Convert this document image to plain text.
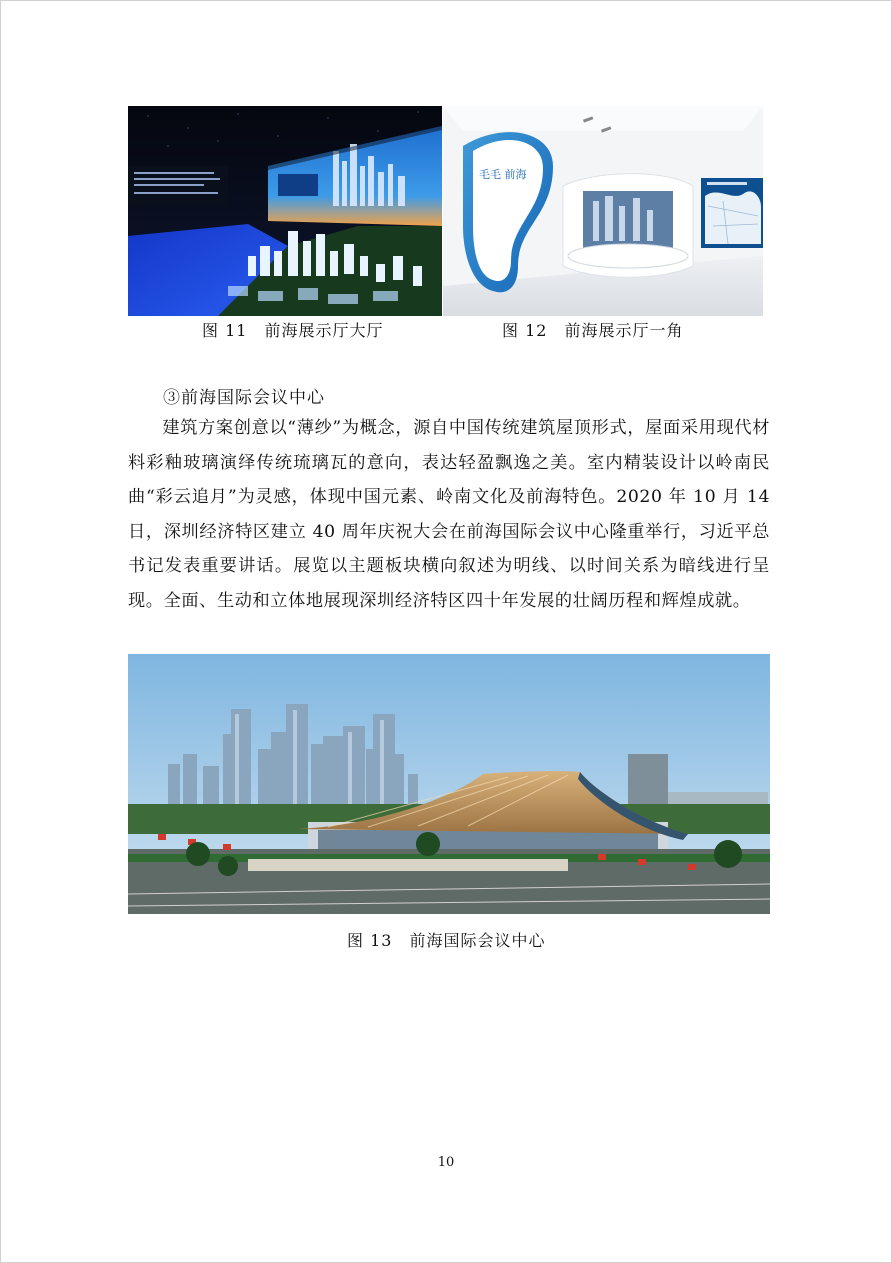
图 11　前海展示厅大厅
毛毛 前海
图 12　前海展示厅一角
③前海国际会议中心
建筑方案创意以“薄纱”为概念，源自中国传统建筑屋顶形式，屋面采用现代材料彩釉玻璃演绎传统琉璃瓦的意向，表达轻盈飘逸之美。室内精装设计以岭南民曲“彩云追月”为灵感，体现中国元素、岭南文化及前海特色。2020 年 10 月 14 日，深圳经济特区建立 40 周年庆祝大会在前海国际会议中心隆重举行，习近平总书记发表重要讲话。展览以主题板块横向叙述为明线、以时间关系为暗线进行呈现。全面、生动和立体地展现深圳经济特区四十年发展的壮阔历程和辉煌成就。
图 13　前海国际会议中心
10
